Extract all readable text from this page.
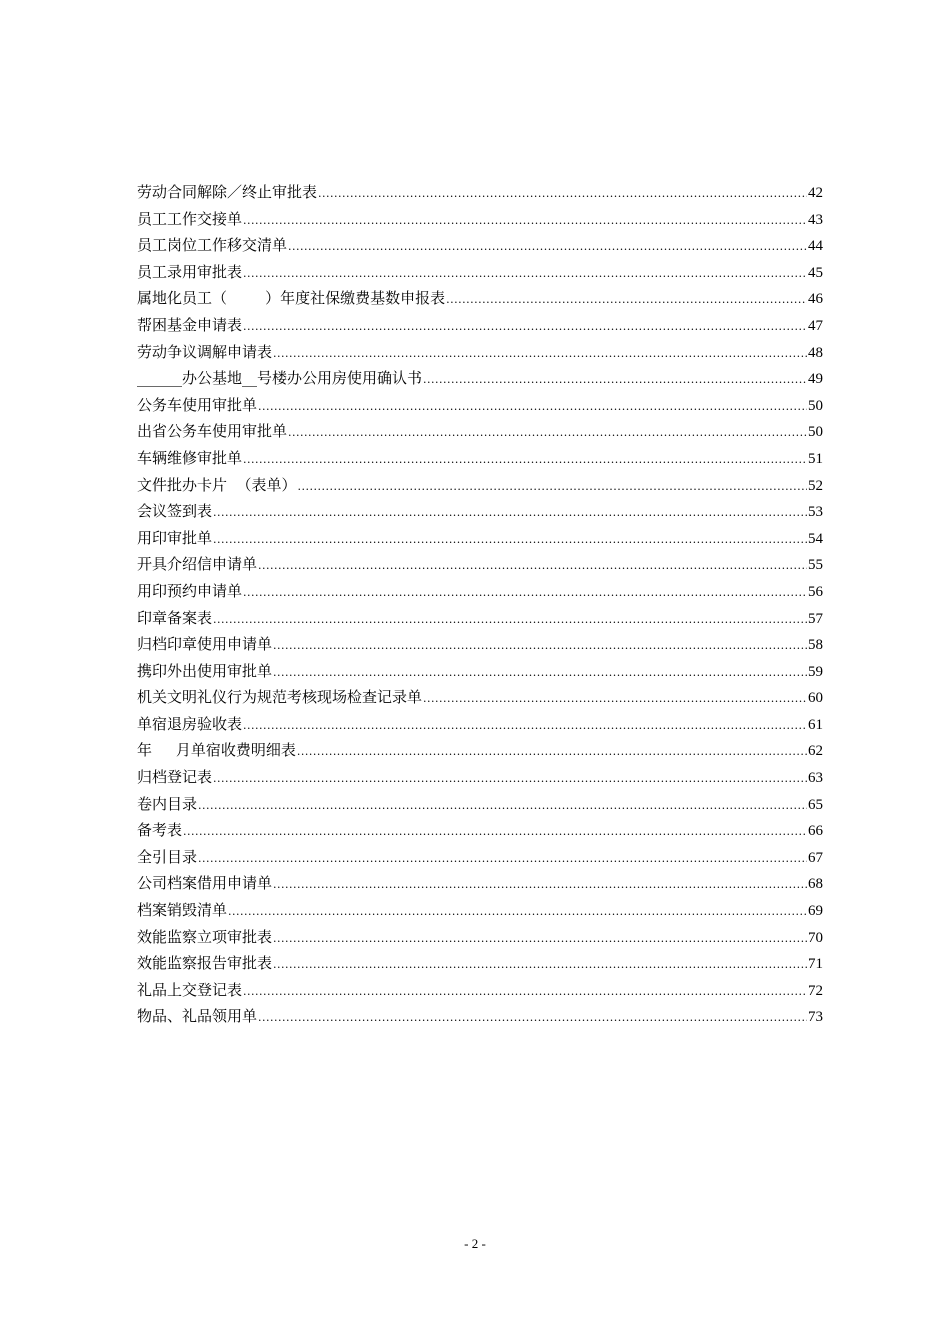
劳动合同解除／终止审批表 .....	42
员工工作交接单 .....	43
员工岗位工作移交清单 .....	44
员工录用审批表 .....	45
属地化员工（        ）年度社保缴费基数申报表 .....	46
帮困基金申请表 .....	47
劳动争议调解申请表 .....	48
______办公基地__号楼办公用房使用确认书 .....	49
公务车使用审批单 .....	50
出省公务车使用审批单 .....	50
车辆维修审批单 .....	51
文件批办卡片  （表单） .....	52
会议签到表 .....	53
用印审批单 .....	54
开具介绍信申请单 .....	55
用印预约申请单 .....	56
印章备案表 .....	57
归档印章使用申请单 .....	58
携印外出使用审批单 .....	59
机关文明礼仪行为规范考核现场检查记录单 .....	60
单宿退房验收表 .....	61
年     月单宿收费明细表 .....	62
归档登记表 .....	63
卷内目录 .....	65
备考表 .....	66
全引目录 .....	67
公司档案借用申请单 .....	68
档案销毁清单 .....	69
效能监察立项审批表 .....	70
效能监察报告审批表 .....	71
礼品上交登记表 .....	72
物品、礼品领用单 .....	73
- 2 -
